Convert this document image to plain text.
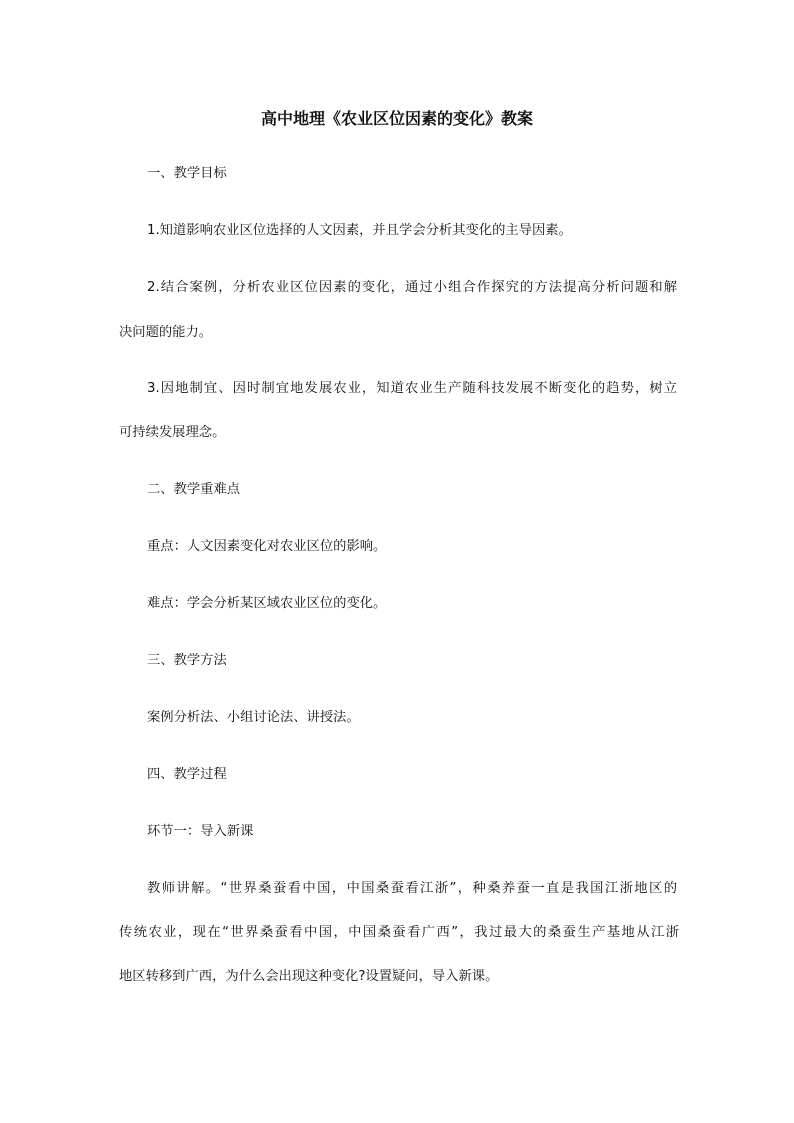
高中地理《农业区位因素的变化》教案
一、教学目标
1.知道影响农业区位选择的人文因素，并且学会分析其变化的主导因素。
2.结合案例，分析农业区位因素的变化，通过小组合作探究的方法提高分析问题和解
决问题的能力。
3.因地制宜、因时制宜地发展农业，知道农业生产随科技发展不断变化的趋势，树立
可持续发展理念。
二、教学重难点
重点：人文因素变化对农业区位的影响。
难点：学会分析某区域农业区位的变化。
三、教学方法
案例分析法、小组讨论法、讲授法。
四、教学过程
环节一：导入新课
教师讲解。“世界桑蚕看中国，中国桑蚕看江浙”，种桑养蚕一直是我国江浙地区的
传统农业，现在“世界桑蚕看中国，中国桑蚕看广西”，我过最大的桑蚕生产基地从江浙
地区转移到广西，为什么会出现这种变化?设置疑问，导入新课。
